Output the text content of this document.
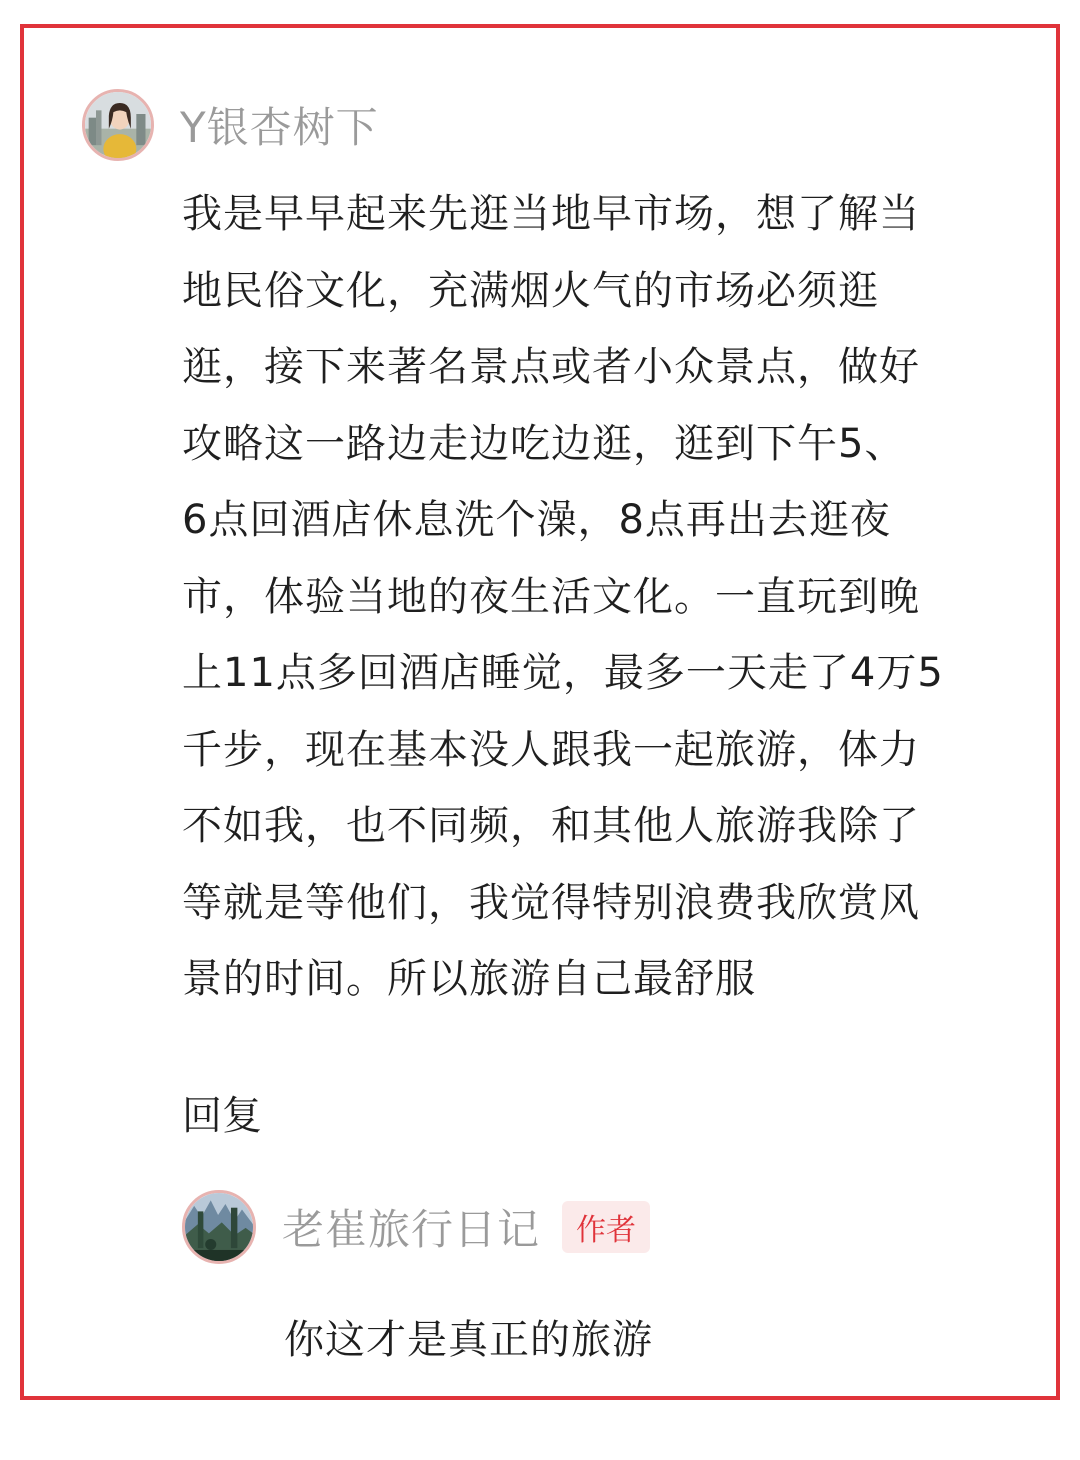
Y银杏树下
我是早早起来先逛当地早市场，想了解当
地民俗文化，充满烟火气的市场必须逛
逛，接下来著名景点或者小众景点，做好
攻略这一路边走边吃边逛，逛到下午5、
6点回酒店休息洗个澡，8点再出去逛夜
市，体验当地的夜生活文化。一直玩到晚
上11点多回酒店睡觉，最多一天走了4万5
千步，现在基本没人跟我一起旅游，体力
不如我，也不同频，和其他人旅游我除了
等就是等他们，我觉得特别浪费我欣赏风
景的时间。所以旅游自己最舒服
回复
老崔旅行日记	作者
你这才是真正的旅游
